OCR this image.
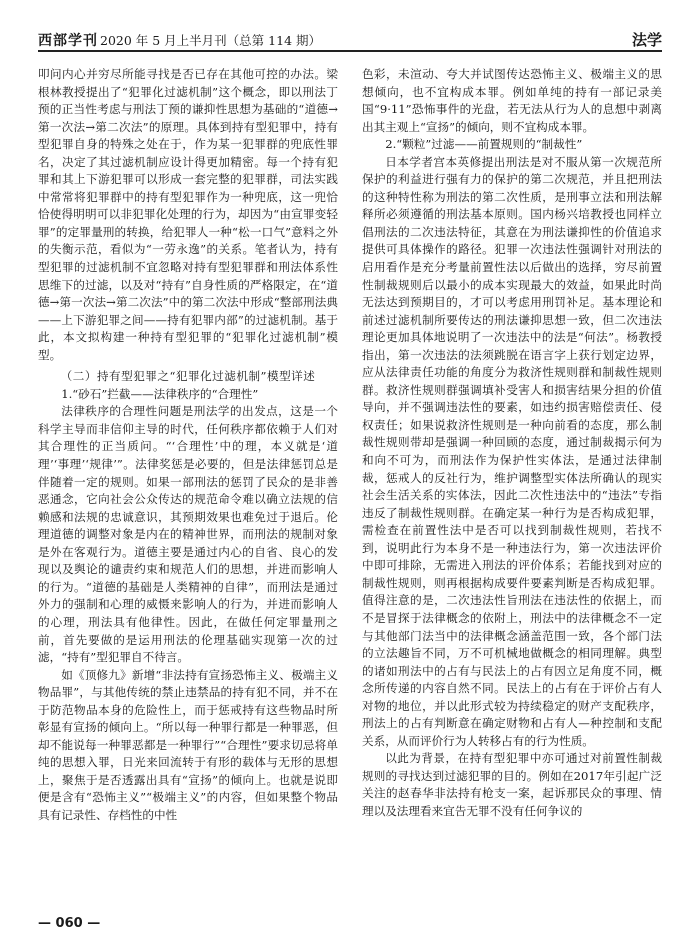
西部学刊 2020 年 5 月上半月刊（总第 114 期）	法学

叩问内心并穷尽所能寻找是否已存在其他可控的办法。梁根林教授提出了“犯罪化过滤机制”这个概念，即以刑法丁预的正当性考虑与刑法丁预的谦抑性思想为基础的“道德→第一次法→第二次法”的原理。具体到持有型犯罪中，持有型犯罪自身的特殊之处在于，作为某一犯罪群的兜底性罪名，决定了其过滤机制应设计得更加精密。每一个持有犯罪和其上下游犯罪可以形成一套完整的犯罪群，司法实践中常常将犯罪群中的持有型犯罪作为一种兜底，这一兜恰恰使得明明可以非犯罪化处理的行为，却因为“由宣罪变轻罪”的定罪量刑的转换，给犯罪人一种“松一口气”意料之外的失衡示范，看似为“一劳永逸”的关系。笔者认为，持有型犯罪的过滤机制不宜忽略对持有型犯罪群和刑法体系性思维下的过滤，以及对“持有”自身性质的严格限定，在“道德→第一次法→第二次法”中的第二次法中形成“整部刑法典——上下游犯罪之间——持有犯罪内部”的过滤机制。基于此，本文拟构建一种持有型犯罪的“犯罪化过滤机制”模型。

（二）持有型犯罪之“犯罪化过滤机制”模型详述

1.“砂石”拦截——法律秩序的“合理性”

法律秩序的合理性问题是刑法学的出发点，这是一个科学主导而非信仰主导的时代，任何秩序都依赖于人们对其合理性的正当质问。“‘合理性’中的理，本义就是‘道理’‘事理’‘规律’”。法律奖惩是必要的，但是法律惩罚总是伴随着一定的规则。如果一部刑法的惩罚了民众的是非善恶通念，它向社会公众传达的规范命令难以确立法规的信赖感和法规的忠诚意识，其预期效果也难免过于退后。伦理道德的调整对象是内在的精神世界，而刑法的规制对象是外在客观行为。道德主要是通过内心的自省、良心的发现以及舆论的谴责约束和规范人们的思想，并进而影响人的行为。“道德的基础是人类精神的自律”，而刑法是通过外力的强制和心理的威慑来影响人的行为，并进而影响人的心理，刑法具有他律性。因此，在做任何定罪量刑之前，首先要做的是运用刑法的伦理基础实现第一次的过滤，“持有”型犯罪自不待言。

如《顶修九》新增“非法持有宣扬恐怖主义、极端主义物品罪”，与其他传统的禁止违禁品的持有犯不同，并不在于防范物品本身的危险性上，而于惩戒持有这些物品时所彰显有宣扬的倾向上。“所以每一种罪行都是一种罪恶，但却不能说每一种罪恶都是一种罪行”“合理性”要求切忌将单纯的思想入罪，日光来回流转于有形的载体与无形的思想上，聚焦于是否透露出具有“宣扬”的倾向上。也就是说即便是含有“恐怖主义”“极端主义”的内容，但如果整个物品具有记录性、存档性的中性

色彩，未渲动、夸大并试图传达恐怖主义、极端主义的思想倾向，也不宜构成本罪。例如单纯的持有一部记录美国“9·11”恐怖事件的光盘，若无法从行为人的息想中剥离出其主观上“宣扬”的倾向，则不宜构成本罪。

2.“颗粒”过滤——前置规则的“制裁性”

日本学者宫本英修提出刑法是对不服从第一次规范所保护的利益进行强有力的保护的第二次规范，并且把刑法的这种特性称为刑法的第二次性质，是刑事立法和刑法解释所必须遵循的刑法基本原则。国内杨兴培教授也同样立倡刑法的二次违法特征，其意在为刑法谦抑性的价值追求提供可具体操作的路径。犯罪一次违法性强调针对刑法的启用看作是充分考量前置性法以后做出的选择，穷尽前置性制裁规则后以最小的成本实现最大的效益，如果此时尚无法达到预期目的，才可以考虑用刑罚补足。基本理论和前述过滤机制所要传达的刑法谦抑思想一致，但二次违法理论更加具体地说明了一次违法中的法是“何法”。杨教授指出，第一次违法的法须跳脱在语言字上获行划定边界，应从法律责任功能的角度分为救济性规则群和制裁性规则群。救济性规则群强调填补受害人和损害结果分担的价值导向，并不强调违法性的要素，如违约损害赔偿责任、侵权责任；如果说救济性规则是一种向前看的态度，那么制裁性规则带却是强调一种回顾的态度，通过制裁揭示何为和向不可为，而刑法作为保护性实体法，是通过法律制裁，惩戒人的反社行为，维护调整型实体法所确认的现实社会生活关系的实体法，因此二次性违法中的“违法”专指违反了制裁性规则群。在确定某一种行为是否构成犯罪，需检查在前置性法中是否可以找到制裁性规则，若找不到，说明此行为本身不是一种违法行为，第一次违法评价中即可排除，无需进入刑法的评价体系；若能找到对应的制裁性规则，则再根据构成要件要素判断是否构成犯罪。值得注意的是，二次违法性旨刑法在违法性的依据上，而不是冒探于法律概念的依附上，刑法中的法律概念不一定与其他部门法当中的法律概念涵盖范围一致，各个部门法的立法趣旨不同，万不可机械地做概念的相同理解。典型的诸如刑法中的占有与民法上的占有因立足角度不同，概念所传递的内容自然不同。民法上的占有在于评价占有人对物的地位，并以此形式较为持续稳定的财产支配秩序，刑法上的占有判断意在确定财物和占有人—种控制和支配关系，从而评价行为人转移占有的行为性质。

以此为背景，在持有型犯罪中亦可通过对前置性制裁规则的寻找达到过滤犯罪的目的。例如在2017年引起广泛关注的赵春华非法持有枪支一案，起诉那民众的事理、情理以及法理看来宜告无罪不没有任何争议的

— 060 —
